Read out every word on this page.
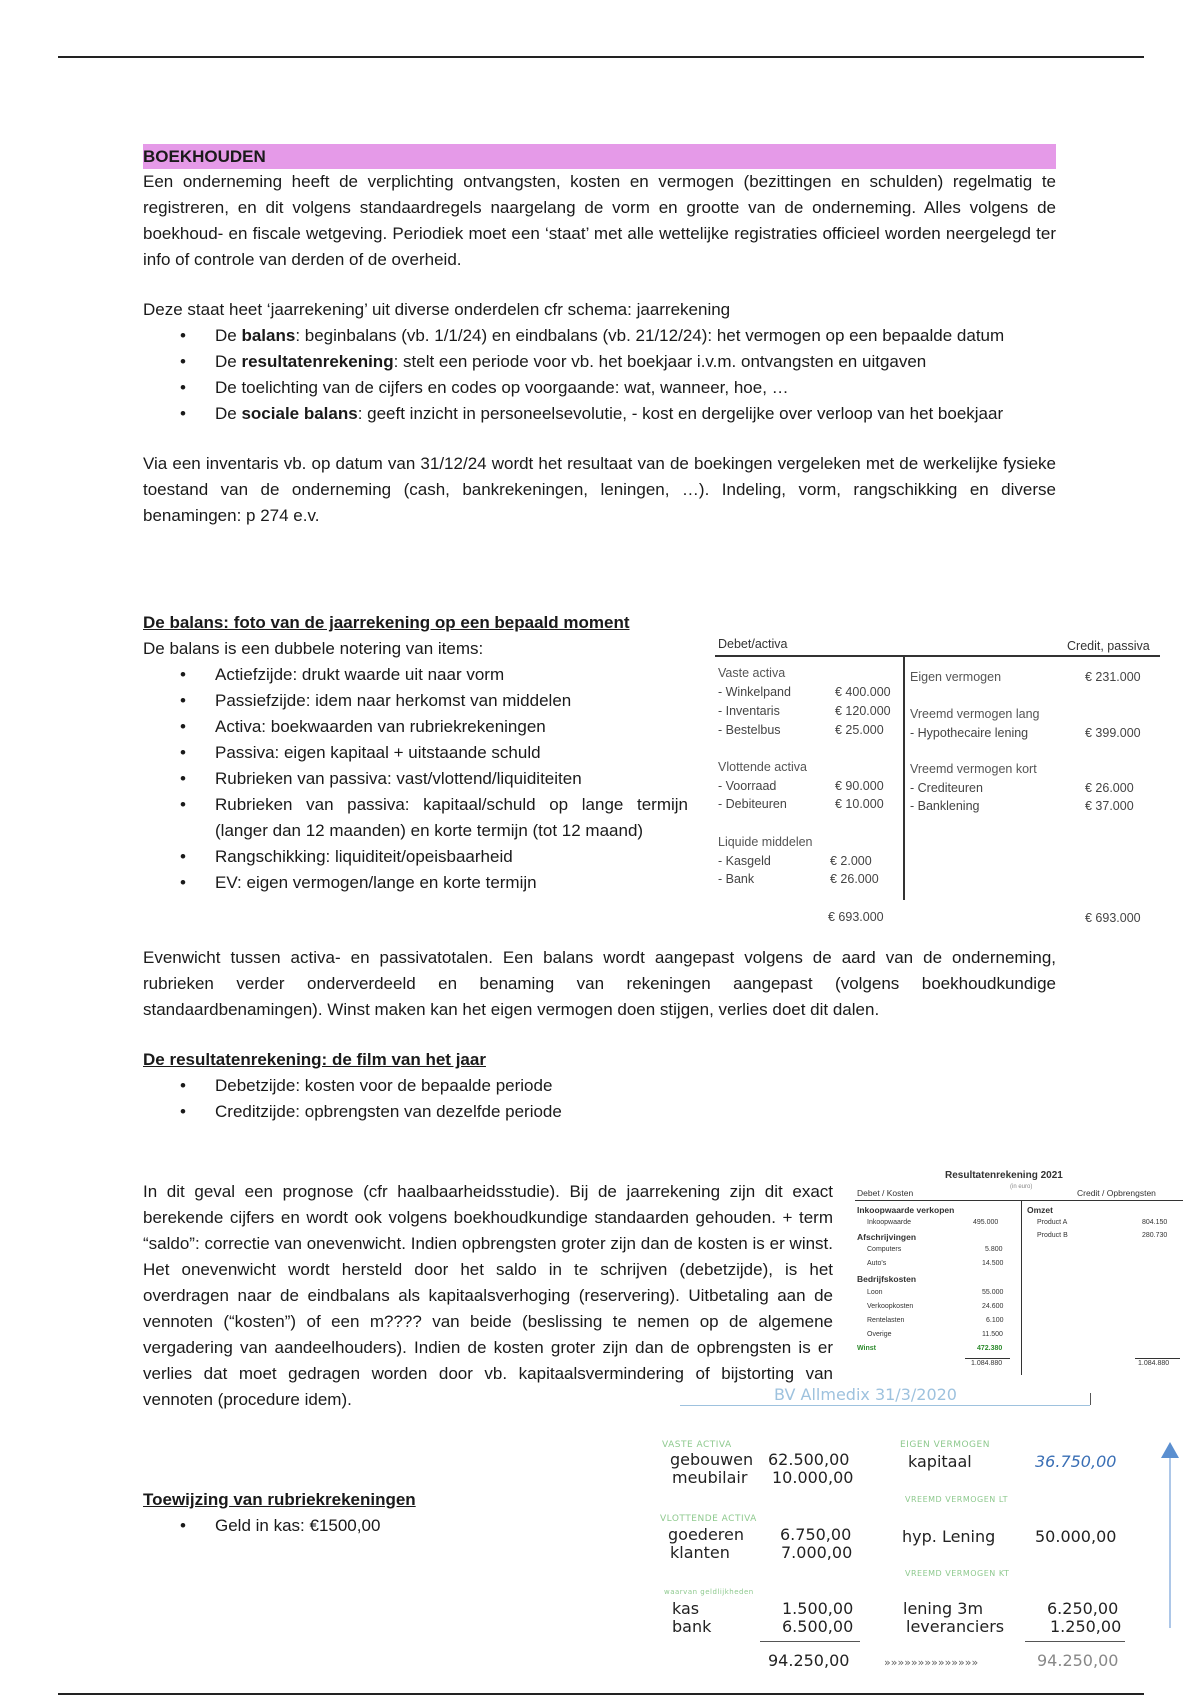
BOEKHOUDEN
Een onderneming heeft de verplichting ontvangsten, kosten en vermogen (bezittingen en schulden) regelmatig te registreren, en dit volgens standaardregels naargelang de vorm en grootte van de onderneming. Alles volgens de boekhoud- en fiscale wetgeving. Periodiek moet een ‘staat’ met alle wettelijke registraties officieel worden neergelegd ter info of controle van derden of de overheid.
Deze staat heet ‘jaarrekening’ uit diverse onderdelen cfr schema: jaarrekening
• De balans: beginbalans (vb. 1/1/24) en eindbalans (vb. 21/12/24): het vermogen op een bepaalde datum
• De resultatenrekening: stelt een periode voor vb. het boekjaar i.v.m. ontvangsten en uitgaven
• De toelichting van de cijfers en codes op voorgaande: wat, wanneer, hoe, …
• De sociale balans: geeft inzicht in personeelsevolutie, - kost en dergelijke over verloop van het boekjaar
Via een inventaris vb. op datum van 31/12/24 wordt het resultaat van de boekingen vergeleken met de werkelijke fysieke toestand van de onderneming (cash, bankrekeningen, leningen, …). Indeling, vorm, rangschikking en diverse benamingen: p 274 e.v.
De balans: foto van de jaarrekening op een bepaald moment
De balans is een dubbele notering van items:
• Actiefzijde: drukt waarde uit naar vorm
• Passiefzijde: idem naar herkomst van middelen
• Activa: boekwaarden van rubriekrekeningen
• Passiva: eigen kapitaal + uitstaande schuld
• Rubrieken van passiva: vast/vlottend/liquiditeiten
• Rubrieken van passiva: kapitaal/schuld op lange termijn (langer dan 12 maanden) en korte termijn (tot 12 maand)
• Rangschikking: liquiditeit/opeisbaarheid
• EV: eigen vermogen/lange en korte termijn
Debet/activa	Credit, passiva
Vaste activa
- Winkelpand	€ 400.000
- Inventaris	€ 120.000
- Bestelbus	€ 25.000
Vlottende activa
- Voorraad	€ 90.000
- Debiteuren	€ 10.000
Liquide middelen
- Kasgeld	€ 2.000
- Bank	€ 26.000
€ 693.000
Eigen vermogen	€ 231.000
Vreemd vermogen lang
- Hypothecaire lening	€ 399.000
Vreemd vermogen kort
- Crediteuren	€ 26.000
- Banklening	€ 37.000
€ 693.000
Evenwicht tussen activa- en passivatotalen. Een balans wordt aangepast volgens de aard van de onderneming, rubrieken verder onderverdeeld en benaming van rekeningen aangepast (volgens boekhoudkundige standaardbenamingen). Winst maken kan het eigen vermogen doen stijgen, verlies doet dit dalen.
De resultatenrekening: de film van het jaar
• Debetzijde: kosten voor de bepaalde periode
• Creditzijde: opbrengsten van dezelfde periode
In dit geval een prognose (cfr haalbaarheidsstudie). Bij de jaarrekening zijn dit exact berekende cijfers en wordt ook volgens boekhoudkundige standaarden gehouden. + term “saldo”: correctie van onevenwicht. Indien opbrengsten groter zijn dan de kosten is er winst. Het onevenwicht wordt hersteld door het saldo in te schrijven (debetzijde), is het overdragen naar de eindbalans als kapitaalsverhoging (reservering). Uitbetaling aan de vennoten (“kosten”) of een m???? van beide (beslissing te nemen op de algemene vergadering van aandeelhouders). Indien de kosten groter zijn dan de opbrengsten is er verlies dat moet gedragen worden door vb. kapitaalsvermindering of bijstorting van vennoten (procedure idem).
Resultatenrekening 2021
(in euro)
Debet / Kosten	Credit / Opbrengsten
Inkoopwaarde verkopen
Inkoopwaarde	495.000
Afschrijvingen
Computers	5.800
Auto's	14.500
Bedrijfskosten
Loon	55.000
Verkoopkosten	24.600
Rentelasten	6.100
Overige	11.500
Winst	472.380
1.084.880
Omzet
Product A	804.150
Product B	280.730
1.084.880
BV Allmedix 31/3/2020
VASTE ACTIVA
gebouwen 62.500,00
meubilair 10.000,00
VLOTTENDE ACTIVA
goederen 6.750,00
klanten	7.000,00
waarvan geldlijkheden
kas	1.500,00
bank	6.500,00
94.250,00
EIGEN VERMOGEN
kapitaal	36.750,00
VREEMD VERMOGEN LT
hyp. Lening 50.000,00
VREEMD VERMOGEN KT
lening 3m	6.250,00
leveranciers	1.250,00
»»»»»»»»»»»»»»	94.250,00
Toewijzing van rubriekrekeningen
• Geld in kas: €1500,00
